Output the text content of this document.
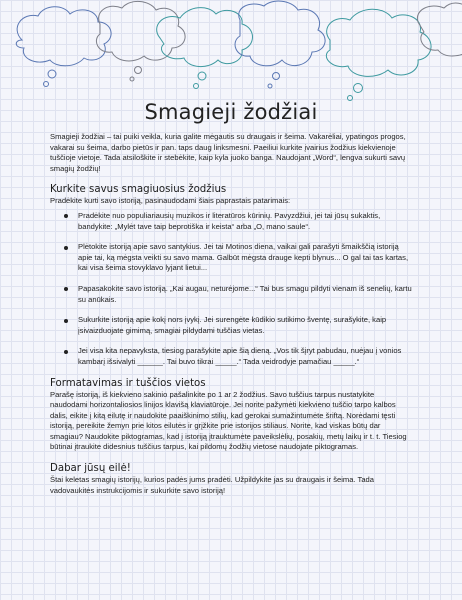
Smagieji žodžiai

Smagieji žodžiai – tai puiki veikla, kuria galite mėgautis su draugais ir šeima. Vakarėliai, ypatingos progos, vakarai su šeima, darbo pietūs ir pan. taps daug linksmesni. Paeiliui kurkite įvairius žodžius kiekvienoje tuščioje vietoje. Tada atsiloškite ir stebėkite, kaip kyla juoko banga. Naudojant „Word“, lengva sukurti savų smagių žodžių!

Kurkite savus smagiuosius žodžius

Pradėkite kurti savo istoriją, pasinaudodami šiais paprastais patarimais:

Pradėkite nuo populiariausių muzikos ir literatūros kūrinių. Pavyzdžiui, jei tai jūsų sukaktis, bandykite: „Mylėt tave taip beprotiška ir keista“ arba „O, mano saule“.
Plėtokite istoriją apie savo santykius. Jei tai Motinos diena, vaikai gali parašyti šmaikščią istoriją apie tai, ką mėgsta veikti su savo mama. Galbūt mėgsta drauge kepti blynus... O gal tai tas kartas, kai visa šeima stovyklavo lyjant lietui...
Papasakokite savo istoriją. „Kai augau, neturėjome...“ Tai bus smagu pildyti vienam iš senelių, kartu su anūkais.
Sukurkite istoriją apie kokį nors įvykį. Jei surengėte kūdikio sutikimo šventę, surašykite, kaip įsivaizduojate gimimą, smagiai pildydami tuščias vietas.
Jei visa kita nepavyksta, tiesiog parašykite apie šią dieną. „Vos tik šįryt pabudau, nuėjau į vonios kambarį išsivalyti ______. Tai buvo tikrai _____.“ Tada veidrodyje pamačiau _____.“
Formatavimas ir tuščios vietos

Parašę istoriją, iš kiekvieno sakinio pašalinkite po 1 ar 2 žodžius. Savo tuščius tarpus nustatykite naudodami horizontaliosios linijos klavišą klaviatūroje. Jei norite pažymėti kiekvieno tuščio tarpo kalbos dalis, eikite į kitą eilutę ir naudokite paaiškinimo stilių, kad gerokai sumažintumėte šriftą. Norėdami tęsti istoriją, pereikite žemyn prie kitos eilutės ir grįžkite prie istorijos stiliaus. Norite, kad viskas būtų dar smagiau? Naudokite piktogramas, kad į istoriją įtrauktumėte paveikslėlių, posakių, metų laikų ir t. t. Tiesiog būtinai įtraukite didesnius tuščius tarpus, kai pildomų žodžių vietose naudojate piktogramas.

Dabar jūsų eilė!

Štai keletas smagių istorijų, kurios padės jums pradėti. Užpildykite jas su draugais ir šeima. Tada vadovaukitės instrukcijomis ir sukurkite savo istoriją!
